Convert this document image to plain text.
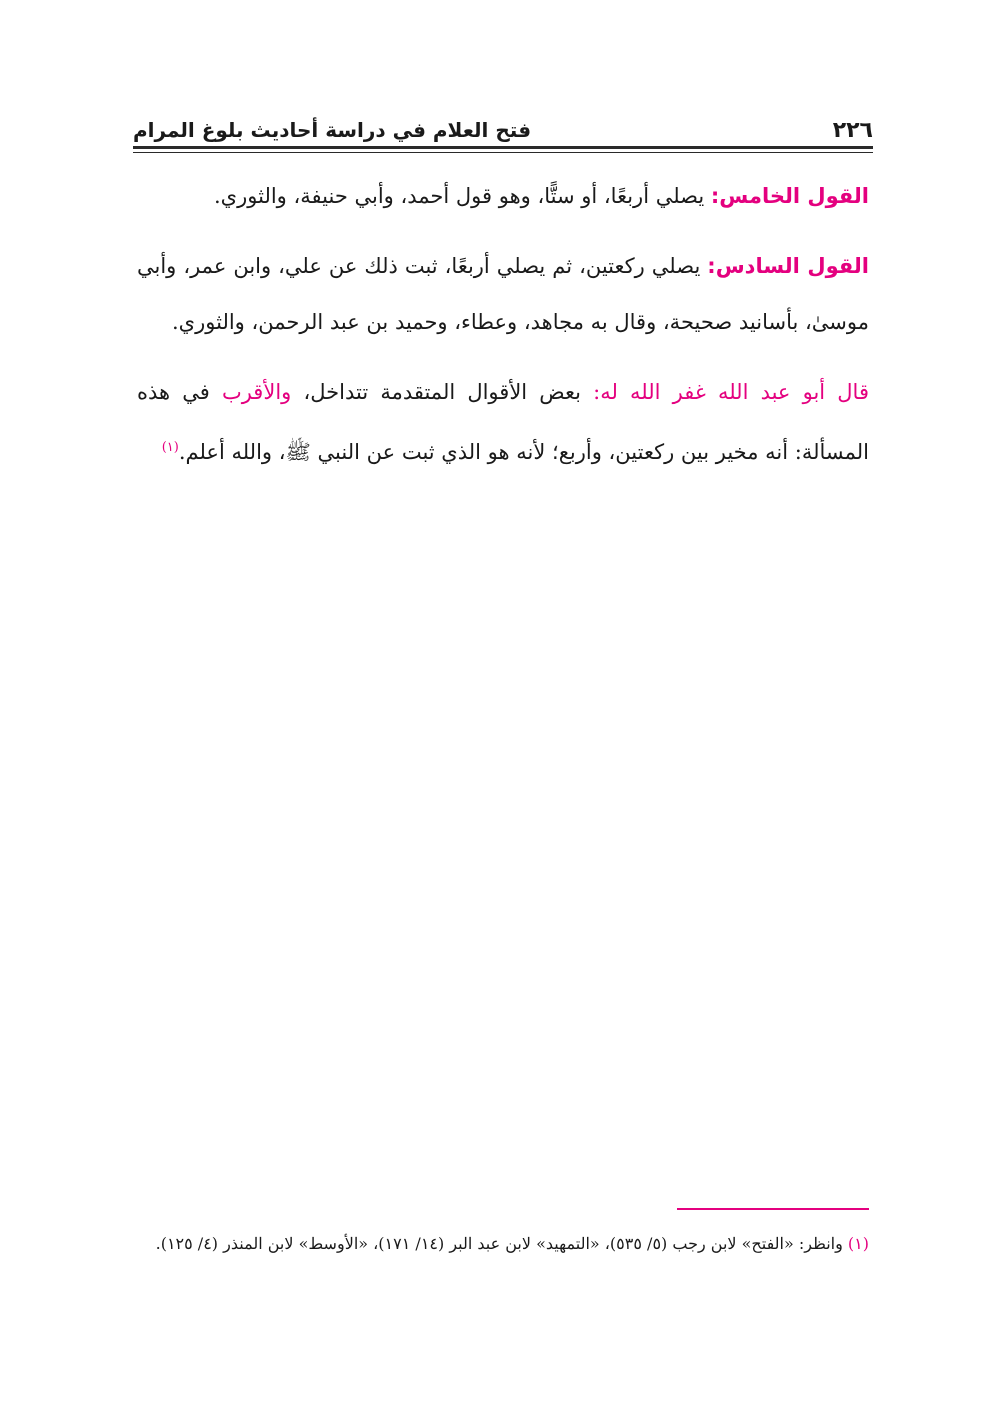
٢٢٦
فتح العلام في دراسة أحاديث بلوغ المرام

القول الخامس: يصلي أربعًا، أو ستًّا، وهو قول أحمد، وأبي حنيفة، والثوري.

القول السادس: يصلي ركعتين، ثم يصلي أربعًا، ثبت ذلك عن علي، وابن عمر، وأبي موسىٰ، بأسانيد صحيحة، وقال به مجاهد، وعطاء، وحميد بن عبد الرحمن، والثوري.

قال أبو عبد الله غفر الله له: بعض الأقوال المتقدمة تتداخل، والأقرب في هذه المسألة: أنه مخير بين ركعتين، وأربع؛ لأنه هو الذي ثبت عن النبي ﷺ، والله أعلم.$^{(١)}$

(١) وانظر: «الفتح» لابن رجب (٥/ ٥٣٥)، «التمهيد» لابن عبد البر (١٤/ ١٧١)، «الأوسط» لابن المنذر (٤/ ١٢٥).
